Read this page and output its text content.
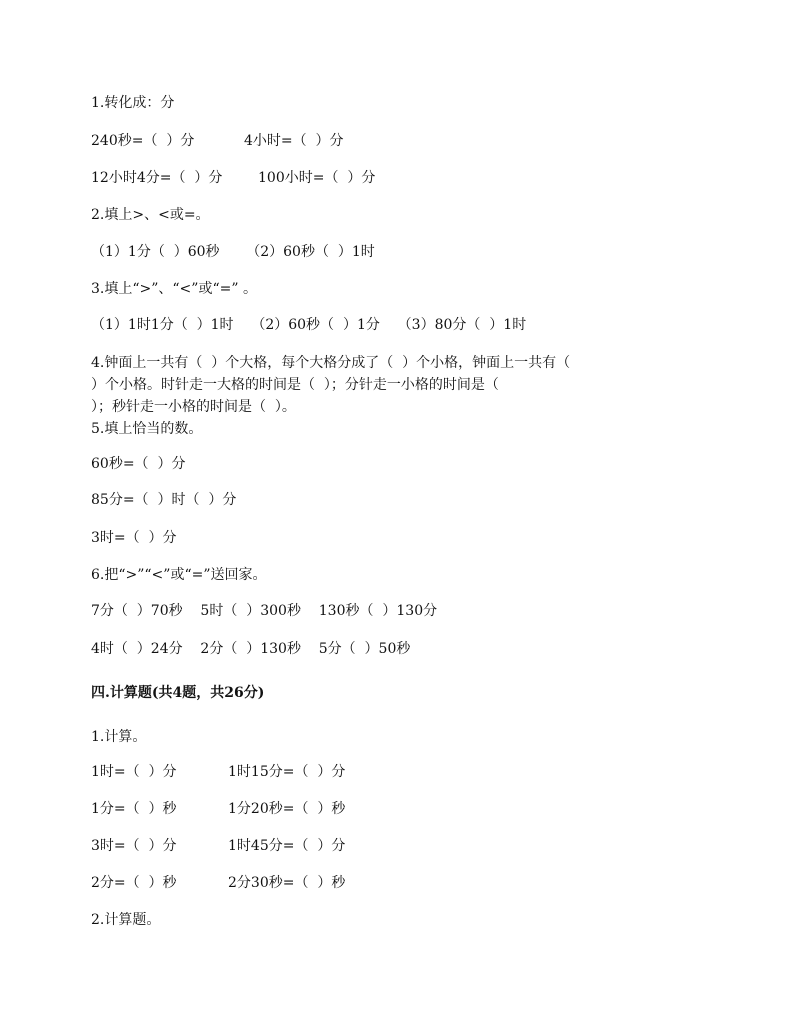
1.转化成：分
240秒=（  ）分	4小时=（  ）分
12小时4分=（  ）分	100小时=（  ）分
2.填上>、<或=。
（1）1分（  ）60秒      （2）60秒（  ）1时
3.填上“>”、“<”或“=” 。
（1）1时1分（  ）1时    （2）60秒（  ）1分    （3）80分（  ）1时
4.钟面上一共有（  ）个大格，每个大格分成了（  ）个小格，钟面上一共有（
）个小格。时针走一大格的时间是（  ）；分针走一小格的时间是（
）；秒针走一小格的时间是（  ）。
5.填上恰当的数。
60秒=（  ）分
85分=（  ）时（  ）分
3时=（  ）分
6.把“>”“<”或“=”送回家。
7分（  ）70秒    5时（  ）300秒    130秒（  ）130分
4时（  ）24分    2分（  ）130秒    5分（  ）50秒
四.计算题(共4题，共26分)
1.计算。
1时=（  ）分	1时15分=（  ）分
1分=（  ）秒	1分20秒=（  ）秒
3时=（  ）分	1时45分=（  ）分
2分=（  ）秒	2分30秒=（  ）秒
2.计算题。
